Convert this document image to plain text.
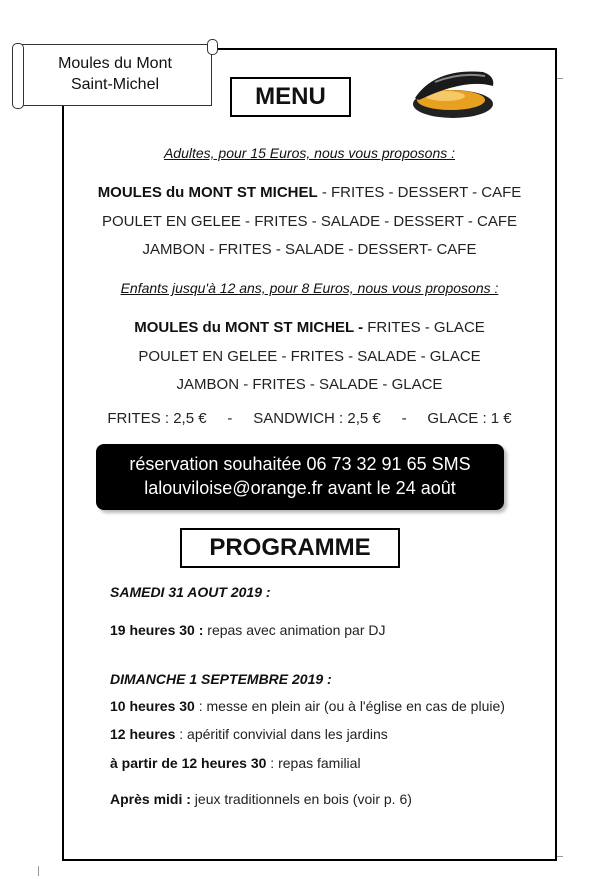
Moules du Mont
Saint-Michel	MENU
Adultes, pour 15 Euros, nous vous proposons :
MOULES du MONT ST MICHEL - FRITES - DESSERT - CAFE
POULET EN GELEE - FRITES - SALADE - DESSERT - CAFE
JAMBON - FRITES - SALADE - DESSERT- CAFE
Enfants jusqu'à 12 ans, pour 8 Euros, nous vous proposons :
MOULES du MONT ST MICHEL - FRITES - GLACE
POULET EN GELEE - FRITES - SALADE - GLACE
JAMBON - FRITES - SALADE - GLACE
FRITES : 2,5 €     -     SANDWICH : 2,5 €     -     GLACE : 1 €
réservation souhaitée 06 73 32 91 65 SMS
lalouviloise@orange.fr avant le 24 août
PROGRAMME
SAMEDI 31 AOUT 2019 :
19 heures 30 : repas avec animation par DJ
DIMANCHE 1 SEPTEMBRE 2019 :
10 heures 30 : messe en plein air (ou à l'église en cas de pluie)
12 heures : apéritif convivial dans les jardins
à partir de 12 heures 30 : repas familial
Après midi : jeux traditionnels en bois (voir p. 6)
